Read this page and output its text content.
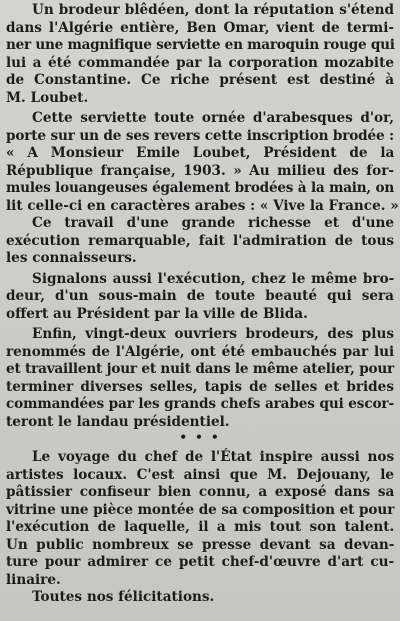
Un brodeur blêdéen, dont la réputation s'étend
dans l'Algérie entière, Ben Omar, vient de termi-
ner une magnifique serviette en maroquin rouge qui
lui a été commandée par la corporation mozabite
de Constantine. Ce riche présent est destiné à
M. Loubet.

Cette serviette toute ornée d'arabesques d'or,
porte sur un de ses revers cette inscription brodée :
« A Monsieur Emile Loubet, Président de la
République française, 1903. » Au milieu des for-
mules louangeuses également brodées à la main, on
lit celle-ci en caractères arabes : « Vive la France. »

Ce travail d'une grande richesse et d'une
exécution remarquable, fait l'admiration de tous
les connaisseurs.

Signalons aussi l'exécution, chez le même bro-
deur, d'un sous-main de toute beauté qui sera
offert au Président par la ville de Blida.

Enfin, vingt-deux ouvriers brodeurs, des plus
renommés de l'Algérie, ont été embauchés par lui
et travaillent jour et nuit dans le même atelier, pour
terminer diverses selles, tapis de selles et brides
commandées par les grands chefs arabes qui escor-
teront le landau présidentiel.

• • •

Le voyage du chef de l'État inspire aussi nos
artistes locaux. C'est ainsi que M. Dejouany, le
pâtissier confiseur bien connu, a exposé dans sa
vitrine une pièce montée de sa composition et pour
l'exécution de laquelle, il a mis tout son talent.
Un public nombreux se presse devant sa devan-
ture pour admirer ce petit chef-d'œuvre d'art cu-
linaire.

Toutes nos félicitations.
